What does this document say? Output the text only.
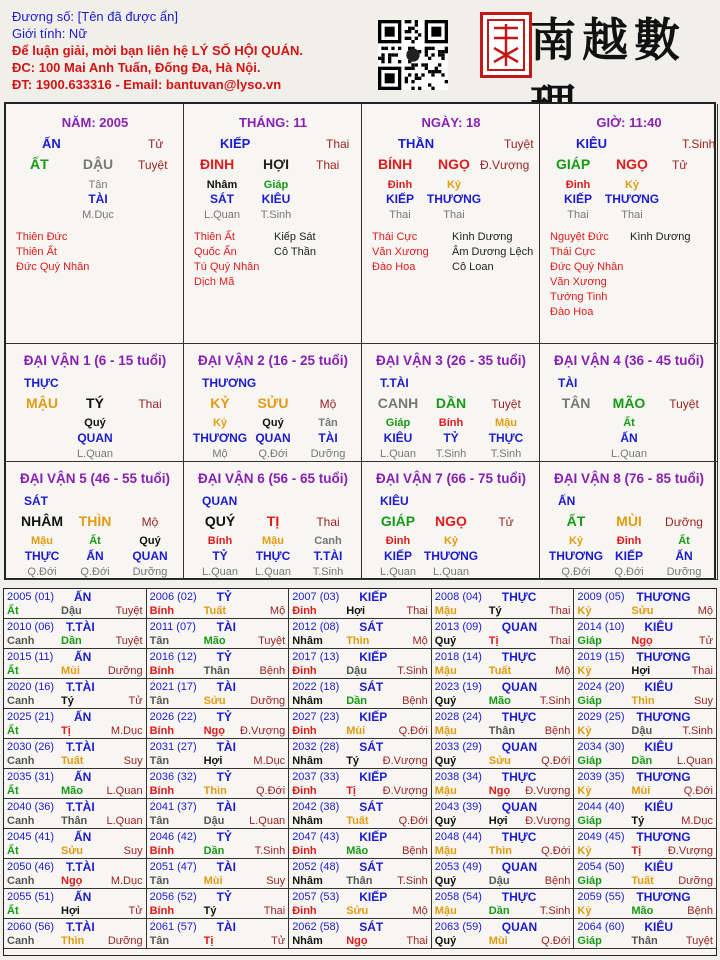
Đương số: [Tên đã được ẩn]
Giới tính: Nữ
Để luận giải, mời bạn liên hệ LÝ SỐ HỘI QUÁN.
ĐC: 100 Mai Anh Tuấn, Đống Đa, Hà Nội.
ĐT: 1900.633316 - Email: bantuvan@lyso.vn
南越數
NĂM: 2005
ẤN	Tử
ẤT DẬU Tuyệt
Tân
TÀI
M.Dục
Thiên Đức
Thiên Ất
Đức Quý Nhân
THÁNG: 11
KIẾP	Thai
ĐINH HỢI Thai
Nhâm
SÁT
L.Quan
Giáp
KIÊU
T.Sinh
Thiên Ất
Quốc Ấn
Tú Quý Nhân
Dịch Mã
Kiếp Sát
Cô Thần
NGÀY: 18
THẦN	Tuyệt
BÍNH NGỌ Đ.Vượng
Đinh
KIẾP
Thai
Kỷ
THƯƠNG
Thai
Thái Cực
Văn Xương
Đào Hoa
Kình Dương
Âm Dương Lệch
Cô Loan
GIỜ: 11:40
KIÊU	T.Sinh
GIÁP NGỌ Tử
Đinh
KIẾP
Thai
Kỷ
THƯƠNG
Thai
Nguyệt Đức
Thái Cực
Đức Quý Nhân
Văn Xương
Tướng Tinh
Đào Hoa
Kình Dương
ĐẠI VẬN 1 (6 - 15 tuổi)
THỰC
MẬU TÝ	Thai
Quý
QUAN
L.Quan
ĐẠI VẬN 2 (16 - 25 tuổi)
THƯƠNG
KỶ SỬU	Mộ
Kỷ
THƯƠNG
Mộ
Quý
QUAN
Q.Đới
Tân
TÀI
Dưỡng
ĐẠI VẬN 3 (26 - 35 tuổi)
T.TÀI
CANH DẦN Tuyệt
Giáp
KIÊU
L.Quan
Bính
TỶ
T.Sinh
Mậu
THỰC
T.Sinh
ĐẠI VẬN 4 (36 - 45 tuổi)
TÀI
TÂN MÃO Tuyệt
Ất
ẤN
L.Quan
ĐẠI VẬN 5 (46 - 55 tuổi)
SÁT
NHÂM THÌN	Mộ
Mậu
THỰC
Q.Đới
Ất
ẤN
Q.Đới
Quý
QUAN
Dưỡng
ĐẠI VẬN 6 (56 - 65 tuổi)
QUAN
QUÝ TỊ	Thai
Bính
TỶ
L.Quan
Mậu
THỰC
L.Quan
Canh
T.TÀI
T.Sinh
ĐẠI VẬN 7 (66 - 75 tuổi)
KIÊU
GIÁP NGỌ	Tử
Đinh
KIẾP
L.Quan
Kỷ
THƯƠNG
L.Quan
ĐẠI VẬN 8 (76 - 85 tuổi)
ẤN
ẤT MÙI Dưỡng
Kỷ
THƯƠNG
Q.Đới
Đinh
KIẾP
Q.Đới
Ất
ẤN
Dưỡng
2005 (01) ẤN
Ất	Dậu	Tuyệt
2006 (02) TỶ
Bính	Tuất	Mộ
2007 (03) KIẾP
Đinh	Hợi	Thai
2008 (04) THỰC
Mậu	Tý	Thai
2009 (05) THƯƠNG
Kỷ	Sửu	Mộ
2010 (06) T.TÀI
Canh Dần	Tuyệt
2011 (07) TÀI
Tân	Mão	Tuyệt
2012 (08) SÁT
Nhâm Thìn	Mộ
2013 (09) QUAN
Quý	Tị	Thai
2014 (10) KIÊU
Giáp	Ngọ	Tử
2015 (11) ẤN
Ất	Mùi	Dưỡng
2016 (12) TỶ
Bính	Thân	Bệnh
2017 (13) KIẾP
Đinh	Dậu	T.Sinh
2018 (14) THỰC
Mậu	Tuất	Mộ
2019 (15) THƯƠNG
Kỷ	Hợi	Thai
2020 (16) T.TÀI
Canh Tý	Tử
2021 (17) TÀI
Tân	Sửu Dưỡng
2022 (18) SÁT
Nhâm Dần	Bệnh
2023 (19) QUAN
Quý	Mão	T.Sinh
2024 (20) KIÊU
Giáp	Thìn	Suy
2025 (21) ẤN
Ất	Tị	M.Dục
2026 (22) TỶ
Bính	Ngọ Đ.Vượng
2027 (23) KIẾP
Đinh	Mùi	Q.Đới
2028 (24) THỰC
Mậu	Thân	Bệnh
2029 (25) THƯƠNG
Kỷ	Dậu	T.Sinh
2030 (26) T.TÀI
Canh Tuất	Suy
2031 (27) TÀI
Tân	Hợi	M.Dục
2032 (28) SÁT
Nhâm Tý Đ.Vượng
2033 (29) QUAN
Quý	Sửu	Q.Đới
2034 (30) KIÊU
Giáp	Dần L.Quan
2035 (31) ẤN
Ất	Mão L.Quan
2036 (32) TỶ
Bính	Thìn	Q.Đới
2037 (33) KIẾP
Đinh	Tị Đ.Vượng
2038 (34) THỰC
Mậu	Ngọ Đ.Vượng
2039 (35) THƯƠNG
Kỷ	Mùi	Q.Đới
2040 (36) T.TÀI
Canh Thân L.Quan
2041 (37) TÀI
Tân	Dậu L.Quan
2042 (38) SÁT
Nhâm Tuất	Q.Đới
2043 (39) QUAN
Quý	Hợi Đ.Vượng
2044 (40) KIÊU
Giáp	Tý	M.Dục
2045 (41) ẤN
Ất	Sửu	Suy
2046 (42) TỶ
Bính	Dần	T.Sinh
2047 (43) KIẾP
Đinh	Mão	Bệnh
2048 (44) THỰC
Mậu	Thìn	Q.Đới
2049 (45) THƯƠNG
Kỷ	Tị Đ.Vượng
2050 (46) T.TÀI
Canh Ngọ	M.Dục
2051 (47) TÀI
Tân	Mùi	Suy
2052 (48) SÁT
Nhâm Thân T.Sinh
2053 (49) QUAN
Quý	Dậu	Bệnh
2054 (50) KIÊU
Giáp	Tuất Dưỡng
2055 (51) ẤN
Ất	Hợi	Tử
2056 (52) TỶ
Bính	Tý	Thai
2057 (53) KIẾP
Đinh	Sửu	Mộ
2058 (54) THỰC
Mậu	Dần	T.Sinh
2059 (55) THƯƠNG
Kỷ	Mão	Bệnh
2060 (56) T.TÀI
Canh Thìn Dưỡng
2061 (57) TÀI
Tân	Tị	Tử
2062 (58) SÁT
Nhâm Ngọ	Thai
2063 (59) QUAN
Quý	Mùi	Q.Đới
2064 (60) KIÊU
Giáp	Thân	Tuyệt
